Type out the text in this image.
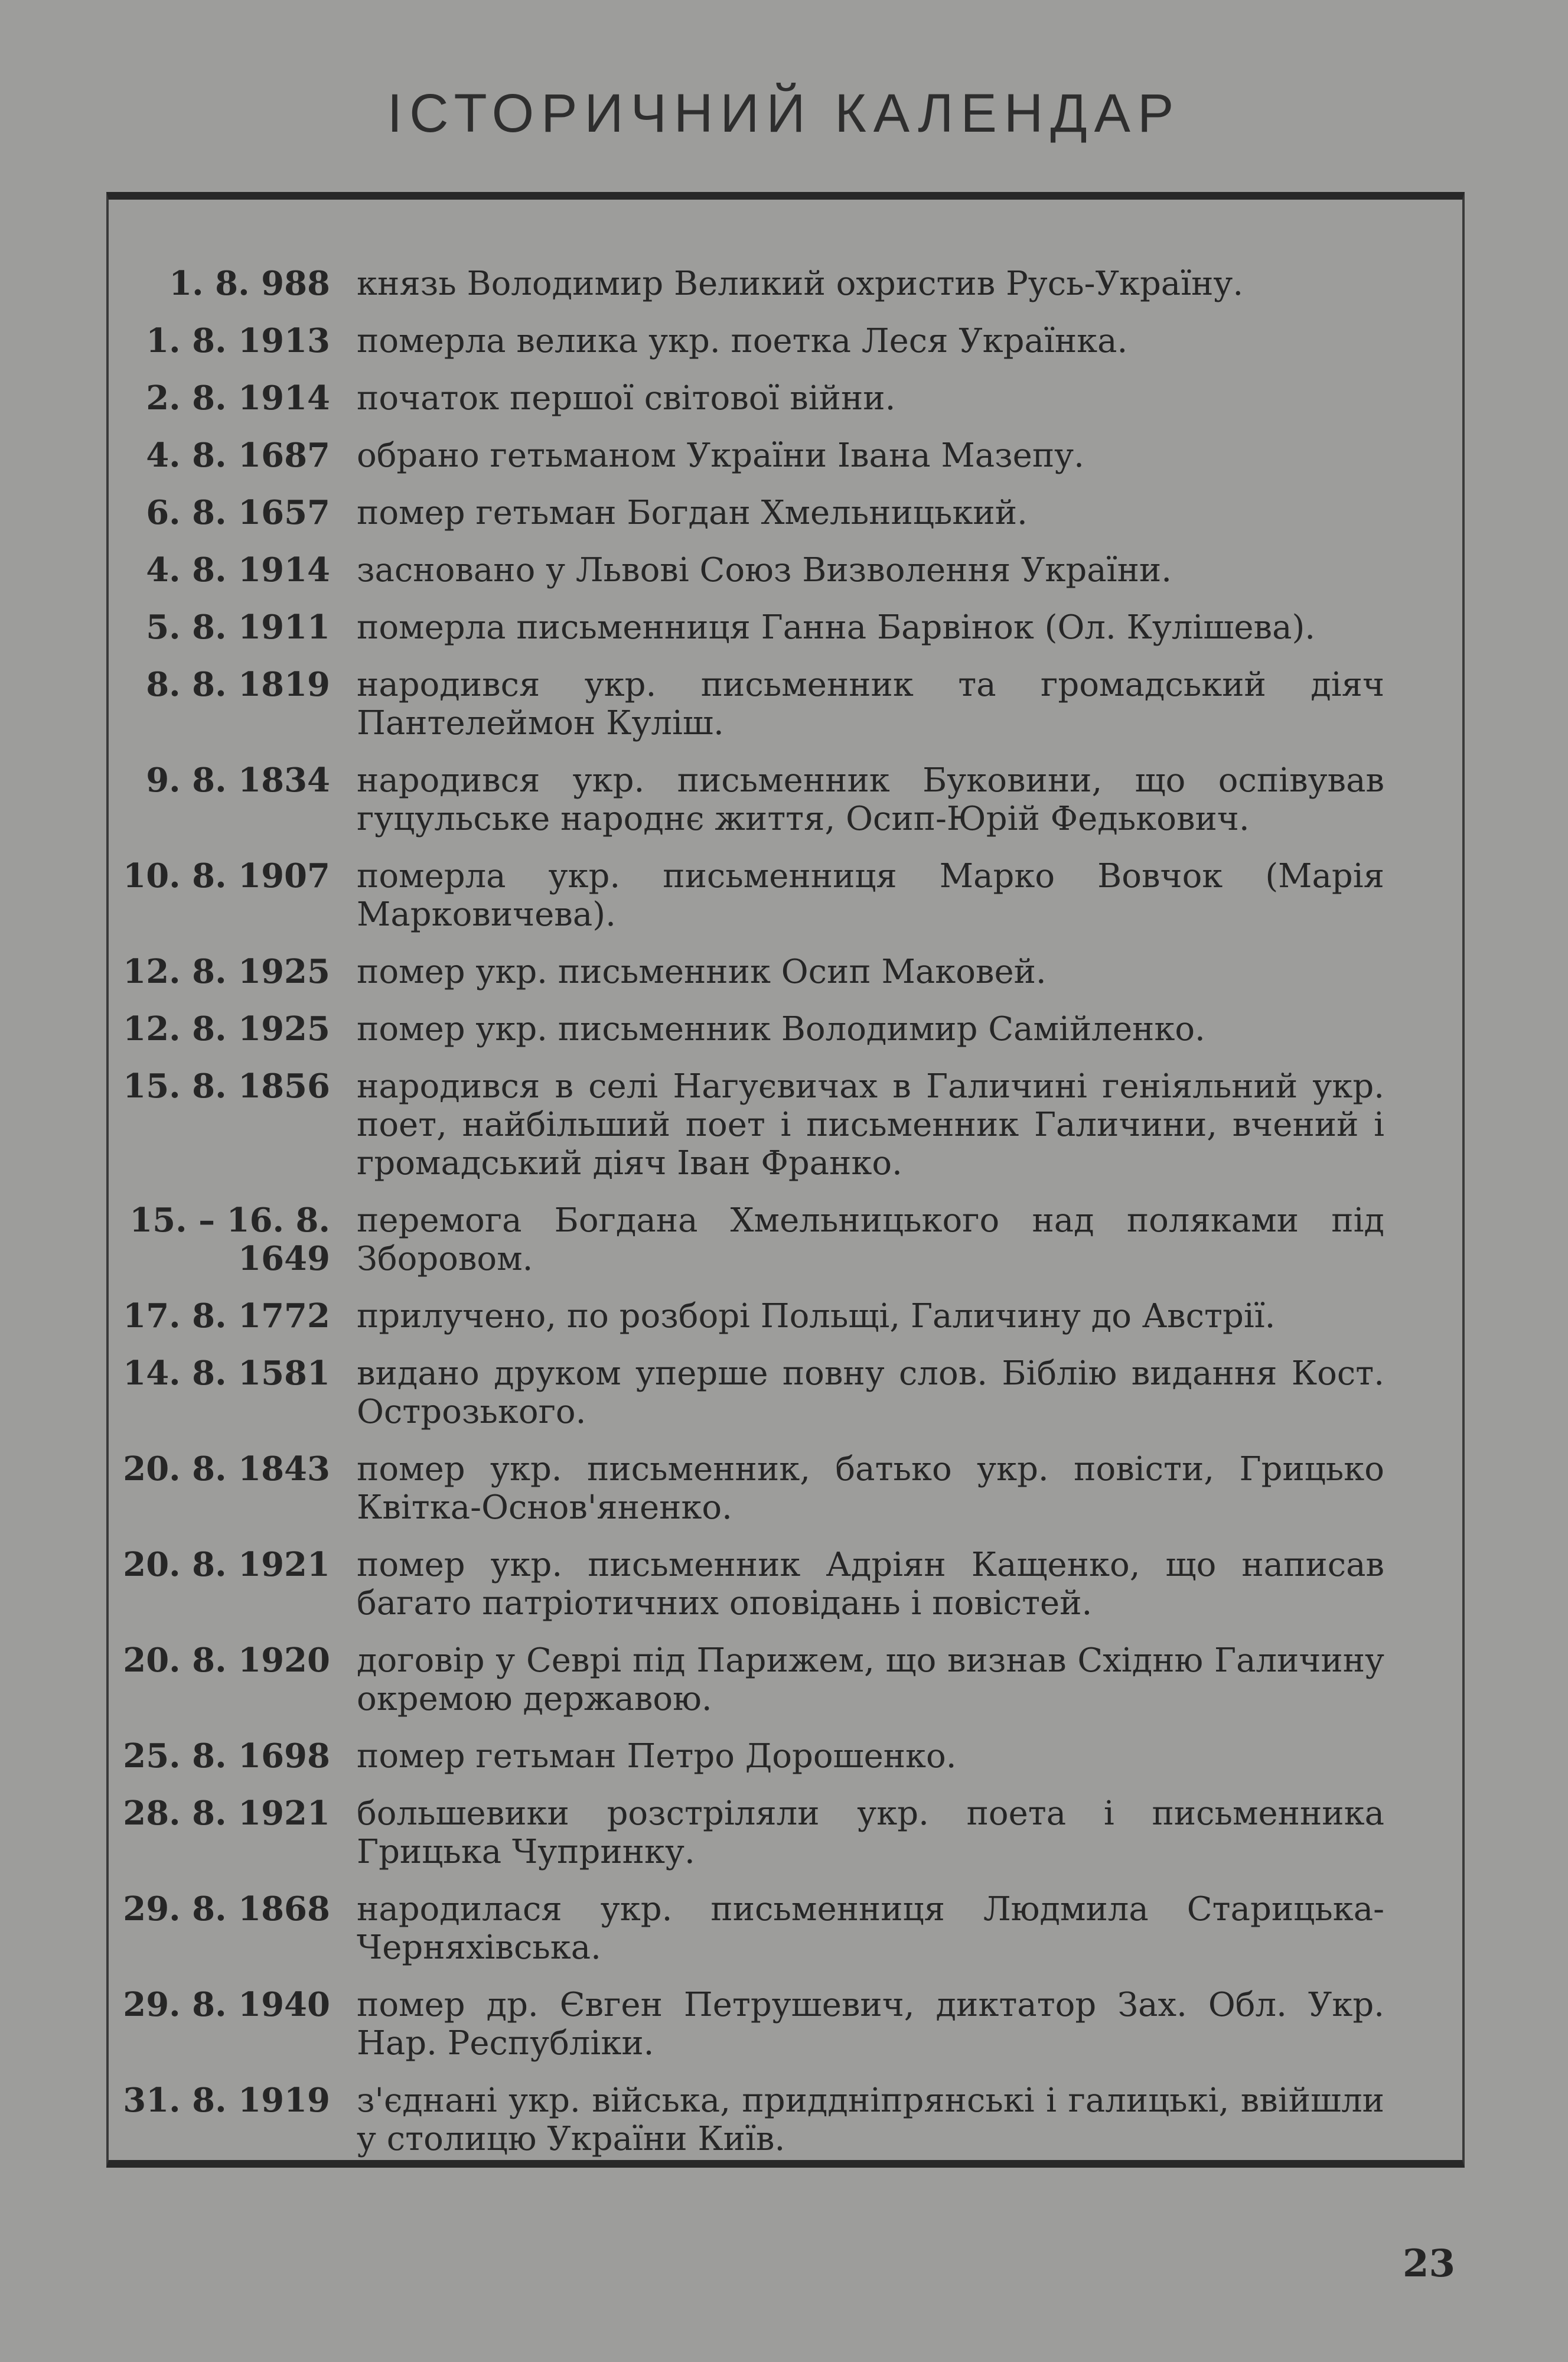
ІСТОРИЧНИЙ КАЛЕНДАР
1. 8. 988 князь Володимир Великий охристив Русь-Україну.
1. 8. 1913 померла велика укр. поетка Леся Українка.
2. 8. 1914 початок першої світової війни.
4. 8. 1687 обрано гетьманом України Івана Мазепу.
6. 8. 1657 помер гетьман Богдан Хмельницький.
4. 8. 1914 засновано у Львові Союз Визволення України.
5. 8. 1911 померла письменниця Ганна Барвінок (Ол. Кулішева).
8. 8. 1819 народився укр. письменник та громадський діяч Пантелеймон Куліш.
9. 8. 1834 народився укр. письменник Буковини, що оспівував гуцульське народнє життя, Осип-Юрій Федькович.
10. 8. 1907 померла укр. письменниця Марко Вовчок (Марія Марковичева).
12. 8. 1925 помер укр. письменник Осип Маковей.
12. 8. 1925 помер укр. письменник Володимир Самійленко.
15. 8. 1856 народився в селі Нагуєвичах в Галичині геніяльний укр. поет, найбільший поет і письменник Галичини, вчений і громадський діяч Іван Франко.
15. – 16. 8.
1649
перемога Богдана Хмельницького над поляками під Зборовом.
17. 8. 1772 прилучено, по розборі Польщі, Галичину до Австрії.
14. 8. 1581 видано друком уперше повну слов. Біблію видання Кост. Острозького.
20. 8. 1843 помер укр. письменник, батько укр. повісти, Грицько Квітка-Основ'яненко.
20. 8. 1921 помер укр. письменник Адріян Кащенко, що написав багато патріотичних оповідань і повістей.
20. 8. 1920 договір у Севрі під Парижем, що визнав Східню Галичину окремою державою.
25. 8. 1698 помер гетьман Петро Дорошенко.
28. 8. 1921 большевики розстріляли укр. поета і письменника Грицька Чупринку.
29. 8. 1868 народилася укр. письменниця Людмила Старицька-Черняхівська.
29. 8. 1940 помер др. Євген Петрушевич, диктатор Зах. Обл. Укр. Нар. Республіки.
31. 8. 1919 з'єднані укр. війська, приддніпрянські і галицькі, ввійшли у столицю України Київ.
23
